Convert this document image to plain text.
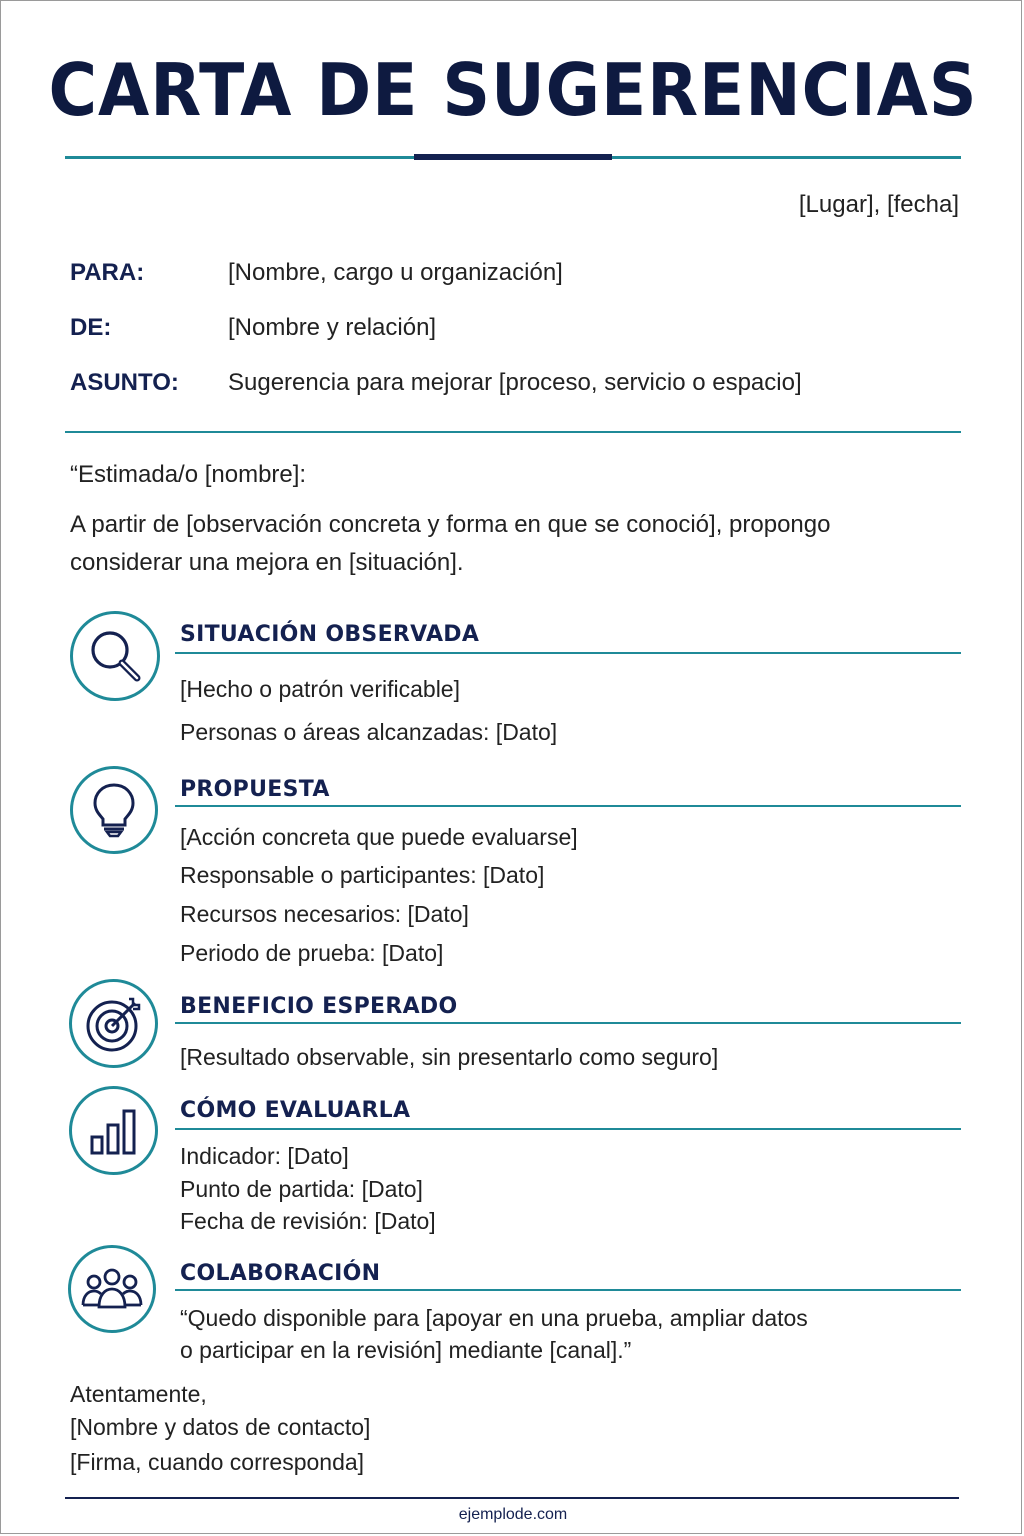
CARTA DE SUGERENCIAS
[Lugar], [fecha]
PARA:	[Nombre, cargo u organización]
DE:	[Nombre y relación]
ASUNTO:	Sugerencia para mejorar [proceso, servicio o espacio]
“Estimada/o [nombre]:
A partir de [observación concreta y forma en que se conoció], propongo
considerar una mejora en [situación].
SITUACIÓN OBSERVADA
[Hecho o patrón verificable]
Personas o áreas alcanzadas: [Dato]
PROPUESTA
[Acción concreta que puede evaluarse]
Responsable o participantes: [Dato]
Recursos necesarios: [Dato]
Periodo de prueba: [Dato]
BENEFICIO ESPERADO
[Resultado observable, sin presentarlo como seguro]
CÓMO EVALUARLA
Indicador: [Dato]
Punto de partida: [Dato]
Fecha de revisión: [Dato]
COLABORACIÓN
“Quedo disponible para [apoyar en una prueba, ampliar datos
o participar en la revisión] mediante [canal].”
Atentamente,
[Nombre y datos de contacto]
[Firma, cuando corresponda]
ejemplode.com
